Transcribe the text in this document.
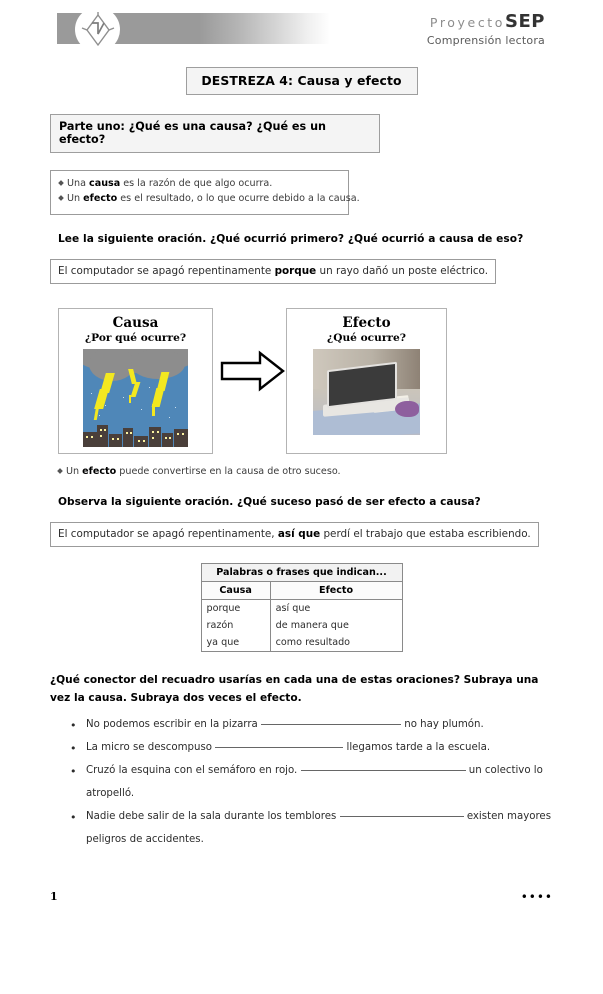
ProyectoSEP
Comprensión lectora
DESTREZA 4: Causa y efecto
Parte uno: ¿Qué es una causa? ¿Qué es un efecto?
Una causa es la razón de que algo ocurra.
Un efecto es el resultado, o lo que ocurre debido a la causa.
Lee la siguiente oración. ¿Qué ocurrió primero? ¿Qué ocurrió a causa de eso?
El computador se apagó repentinamente porque un rayo dañó un poste eléctrico.
Causa
¿Por qué ocurre?
Efecto
¿Qué ocurre?
Un efecto puede convertirse en la causa de otro suceso.
Observa la siguiente oración. ¿Qué suceso pasó de ser efecto a causa?
El computador se apagó repentinamente, así que perdí el trabajo que estaba escribiendo.
Palabras o frases que indican...	
Causa	Efecto
porque	así que
razón	de manera que
ya que	como resultado
¿Qué conector del recuadro usarías en cada una de estas oraciones? Subraya una vez la causa. Subraya dos veces el efecto.
• No podemos escribir en la pizarra	no hay plumón.
• La micro se descompuso	llegamos tarde a la escuela.
• Cruzó la esquina con el semáforo en rojo.	un colectivo lo atropelló.
• Nadie debe salir de la sala durante los temblores	existen mayores peligros de accidentes.
1	••••
